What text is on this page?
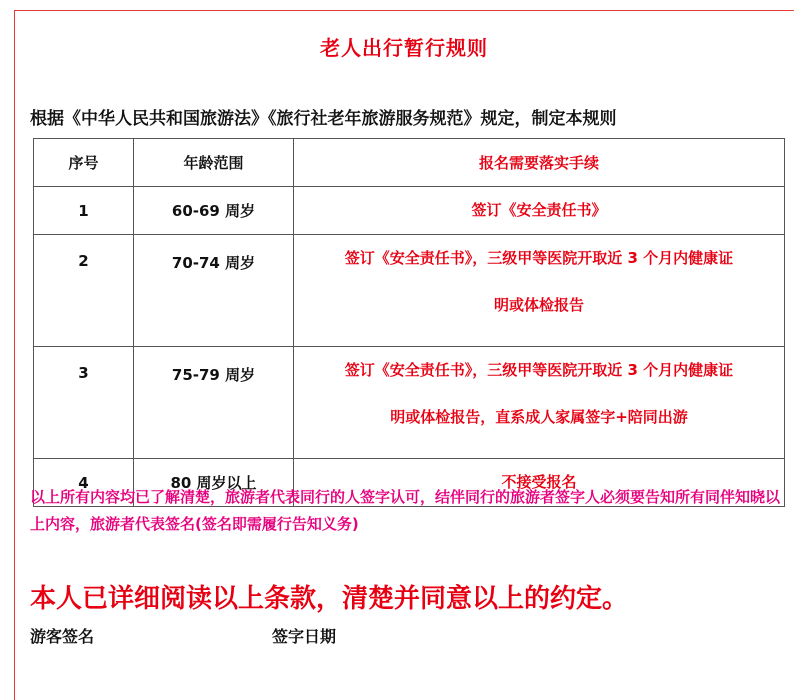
老人出行暂行规则
根据《中华人民共和国旅游法》《旅行社老年旅游服务规范》规定，制定本规则
序号	年龄范围	报名需要落实手续
1	60-69 周岁	签订《安全责任书》

2	70-74 周岁	签订《安全责任书》，三级甲等医院开取近 3 个月内健康证
明或体检报告

3	75-79 周岁	签订《安全责任书》，三级甲等医院开取近 3 个月内健康证
明或体检报告，直系成人家属签字+陪同出游

4	80 周岁以上	不接受报名
以上所有内容均已了解清楚，旅游者代表同行的人签字认可，结伴同行的旅游者签字人必须要告知所有同伴知晓以上内容，旅游者代表签名(签名即需履行告知义务)
本人已详细阅读以上条款，清楚并同意以上的约定。
游客签名	签字日期
